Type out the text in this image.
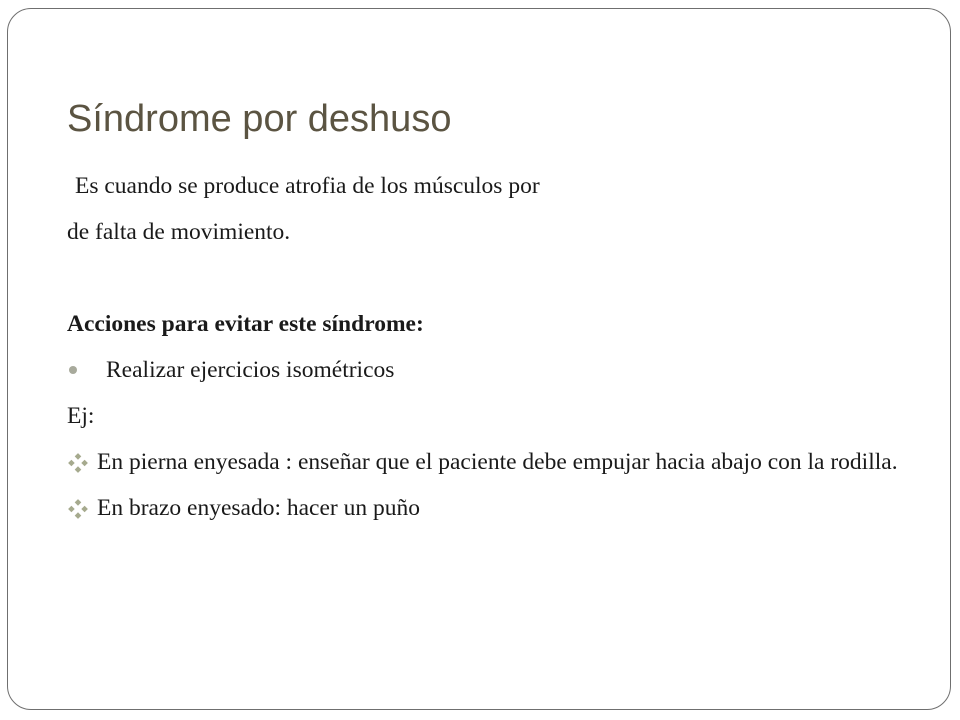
Síndrome por deshuso
Es cuando se produce atrofia de los músculos por
de falta de movimiento.
Acciones para evitar este síndrome:
Realizar ejercicios isométricos
Ej:
En pierna enyesada : enseñar que el paciente debe empujar hacia abajo con la rodilla.
En brazo enyesado: hacer un puño
